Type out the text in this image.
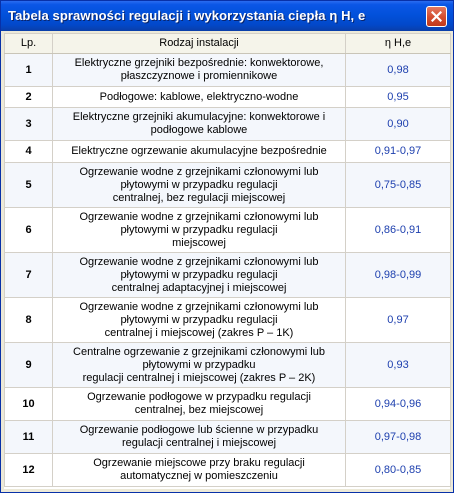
Tabela sprawności regulacji i wykorzystania ciepła η H, e
Lp.	Rodzaj instalacji	η H,e
1	Elektryczne grzejniki bezpośrednie: konwektorowe,
płaszczyznowe i promiennikowe	0,98
2	Podłogowe: kablowe, elektryczno-wodne	0,95
3	Elektryczne grzejniki akumulacyjne: konwektorowe i
podłogowe kablowe	0,90
4	Elektryczne ogrzewanie akumulacyjne bezpośrednie	0,91-0,97
5	Ogrzewanie wodne z grzejnikami członowymi lub
płytowymi w przypadku regulacji
centralnej, bez regulacji miejscowej	0,75-0,85
6	Ogrzewanie wodne z grzejnikami członowymi lub
płytowymi w przypadku regulacji
miejscowej	0,86-0,91
7	Ogrzewanie wodne z grzejnikami członowymi lub
płytowymi w przypadku regulacji
centralnej adaptacyjnej i miejscowej	0,98-0,99
8	Ogrzewanie wodne z grzejnikami członowymi lub
płytowymi w przypadku regulacji
centralnej i miejscowej (zakres P – 1K)	0,97
9	Centralne ogrzewanie z grzejnikami członowymi lub
płytowymi w przypadku
regulacji centralnej i miejscowej (zakres P – 2K)	0,93
10	Ogrzewanie podłogowe w przypadku regulacji
centralnej, bez miejscowej	0,94-0,96
11	Ogrzewanie podłogowe lub ścienne w przypadku
regulacji centralnej i miejscowej	0,97-0,98
12	Ogrzewanie miejscowe przy braku regulacji
automatycznej w pomieszczeniu	0,80-0,85
